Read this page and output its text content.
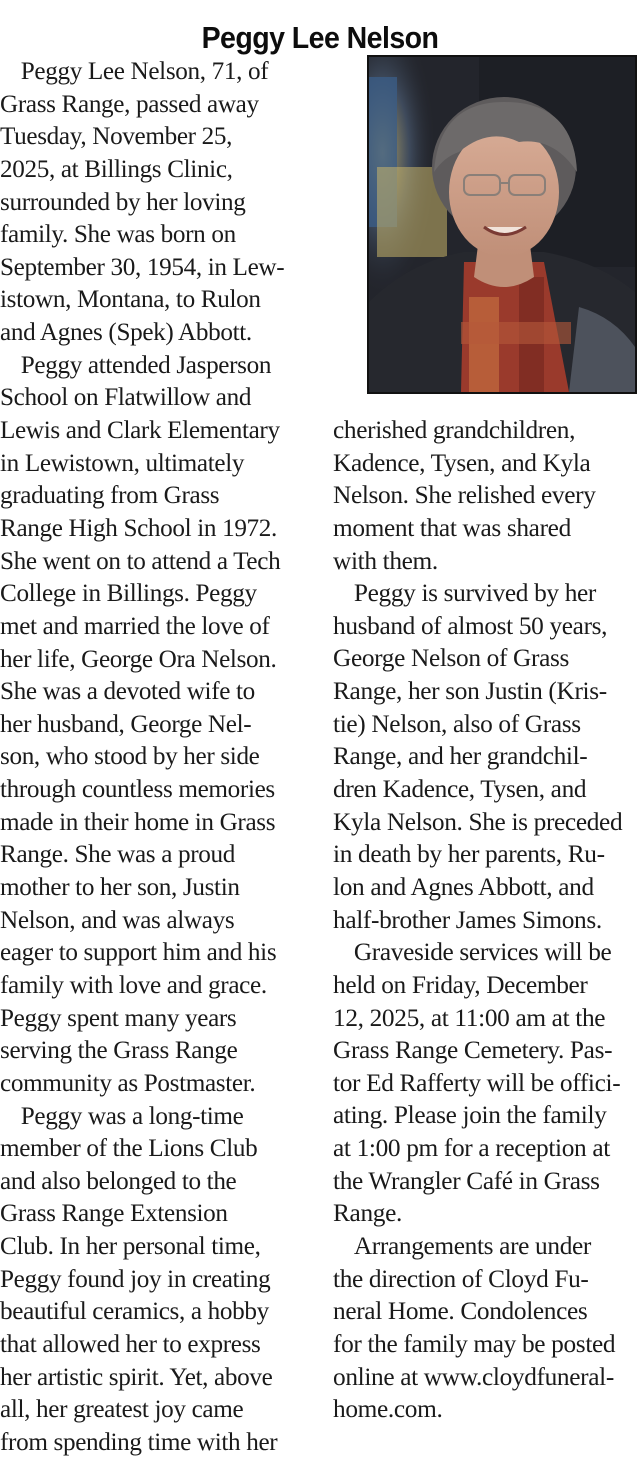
Peggy Lee Nelson
Peggy Lee Nelson, 71, of
Grass Range, passed away
Tuesday, November 25,
2025, at Billings Clinic,
surrounded by her loving
family. She was born on
September 30, 1954, in Lew-
istown, Montana, to Rulon
and Agnes (Spek) Abbott.
Peggy attended Jasperson
School on Flatwillow and
Lewis and Clark Elementary
in Lewistown, ultimately
graduating from Grass
Range High School in 1972.
She went on to attend a Tech
College in Billings. Peggy
met and married the love of
her life, George Ora Nelson.
She was a devoted wife to
her husband, George Nel-
son, who stood by her side
through countless memories
made in their home in Grass
Range. She was a proud
mother to her son, Justin
Nelson, and was always
eager to support him and his
family with love and grace.
Peggy spent many years
serving the Grass Range
community as Postmaster.
Peggy was a long-time
member of the Lions Club
and also belonged to the
Grass Range Extension
Club. In her personal time,
Peggy found joy in creating
beautiful ceramics, a hobby
that allowed her to express
her artistic spirit. Yet, above
all, her greatest joy came
from spending time with her
cherished grandchildren,
Kadence, Tysen, and Kyla
Nelson. She relished every
moment that was shared
with them.
Peggy is survived by her
husband of almost 50 years,
George Nelson of Grass
Range, her son Justin (Kris-
tie) Nelson, also of Grass
Range, and her grandchil-
dren Kadence, Tysen, and
Kyla Nelson. She is preceded
in death by her parents, Ru-
lon and Agnes Abbott, and
half-brother James Simons.
Graveside services will be
held on Friday, December
12, 2025, at 11:00 am at the
Grass Range Cemetery. Pas-
tor Ed Rafferty will be offici-
ating. Please join the family
at 1:00 pm for a reception at
the Wrangler Café in Grass
Range.
Arrangements are under
the direction of Cloyd Fu-
neral Home. Condolences
for the family may be posted
online at www.cloydfuneral-
home.com.
